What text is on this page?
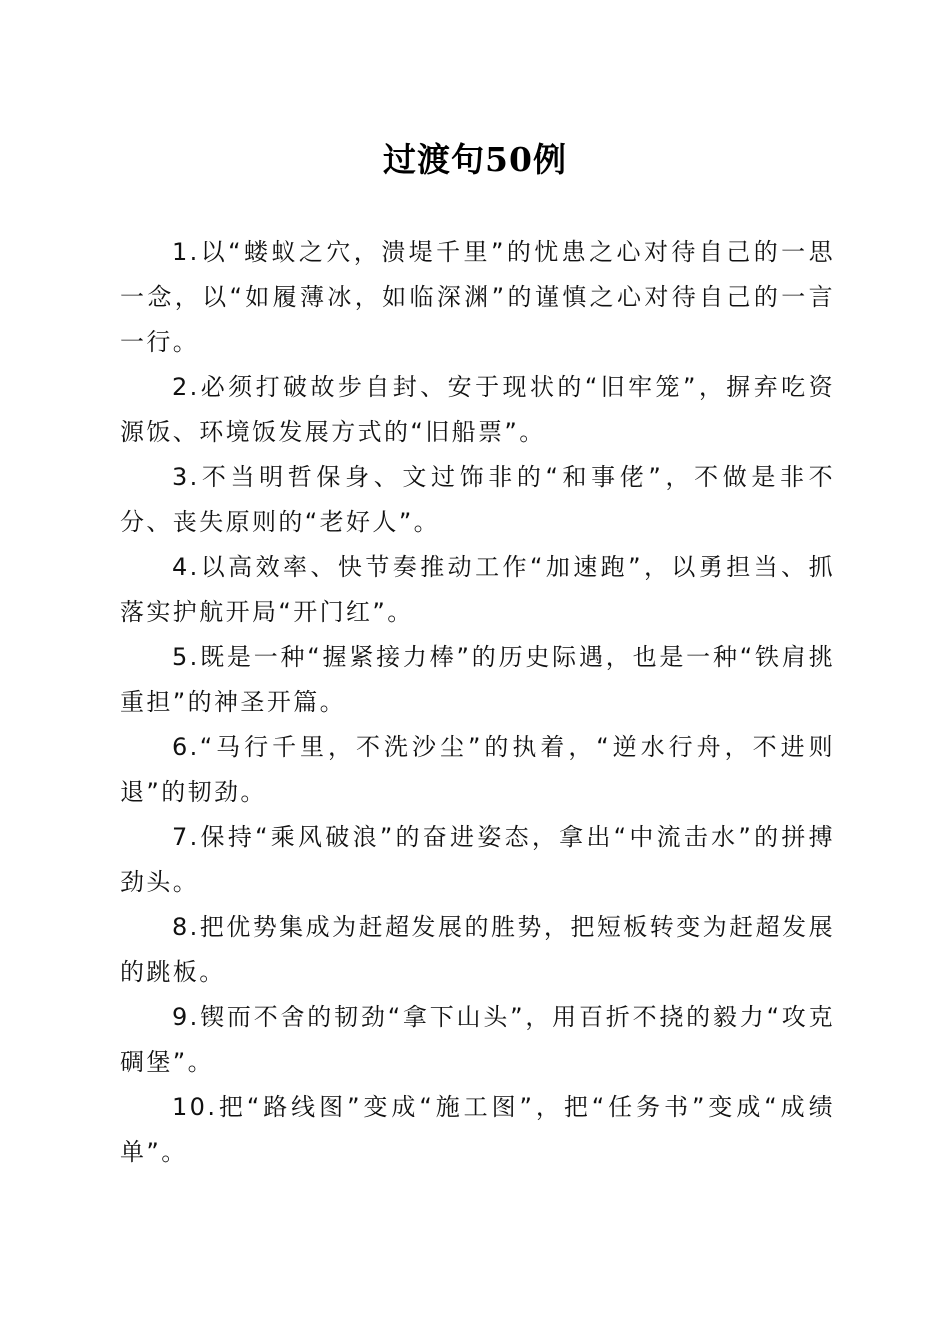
过渡句50例

1.以“蝼蚁之穴，溃堤千里”的忧患之心对待自己的一思一念，以“如履薄冰，如临深渊”的谨慎之心对待自己的一言一行。

2.必须打破故步自封、安于现状的“旧牢笼”，摒弃吃资源饭、环境饭发展方式的“旧船票”。

3.不当明哲保身、文过饰非的“和事佬”，不做是非不分、丧失原则的“老好人”。

4.以高效率、快节奏推动工作“加速跑”，以勇担当、抓落实护航开局“开门红”。

5.既是一种“握紧接力棒”的历史际遇，也是一种“铁肩挑重担”的神圣开篇。

6.“马行千里，不洗沙尘”的执着，“逆水行舟，不进则退”的韧劲。

7.保持“乘风破浪”的奋进姿态，拿出“中流击水”的拼搏劲头。

8.把优势集成为赶超发展的胜势，把短板转变为赶超发展的跳板。

9.锲而不舍的韧劲“拿下山头”，用百折不挠的毅力“攻克碉堡”。

10.把“路线图”变成“施工图”，把“任务书”变成“成绩单”。
